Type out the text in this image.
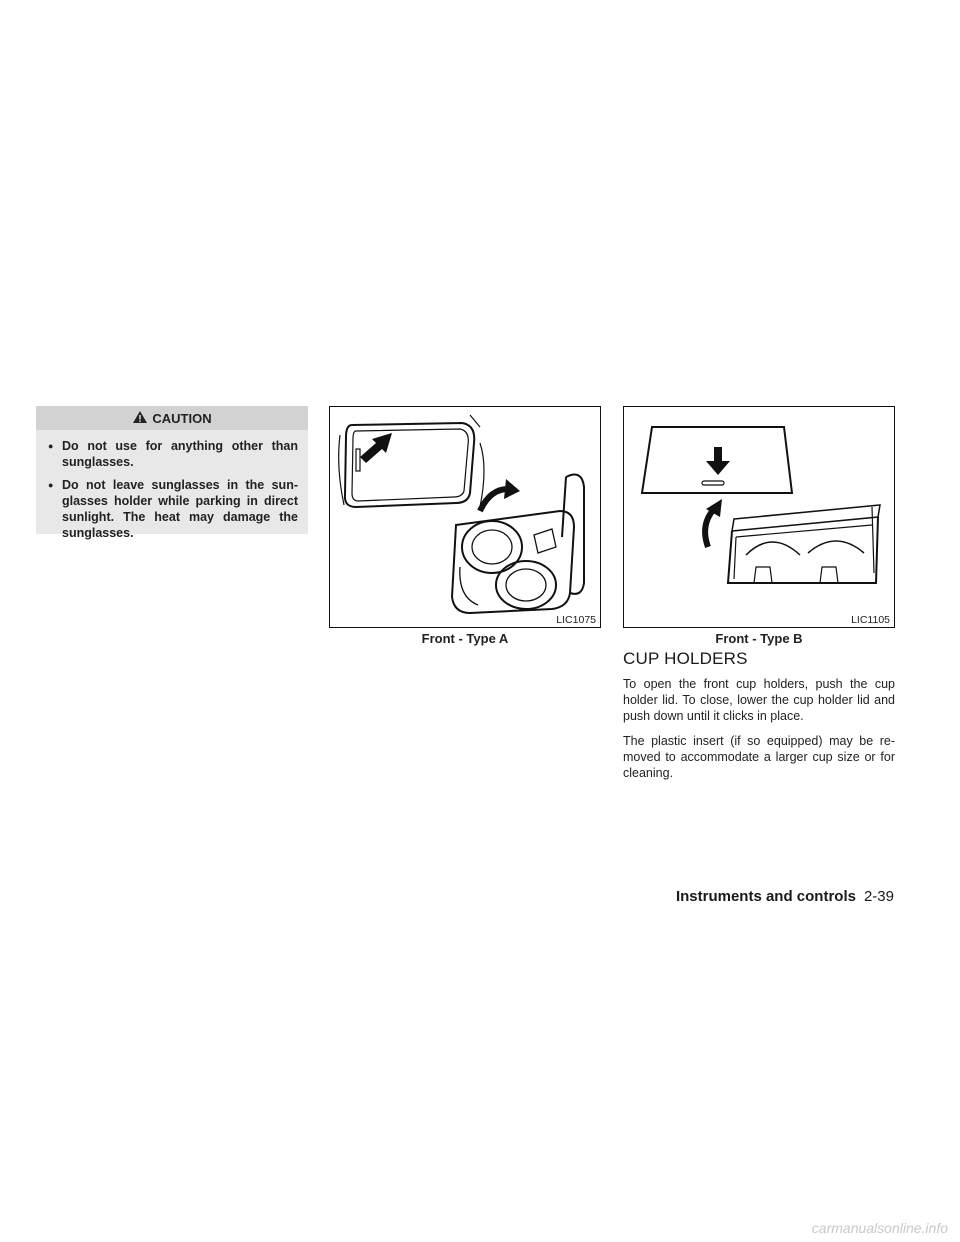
CAUTION
● Do not use for anything other than sunglasses.
● Do not leave sunglasses in the sun-glasses holder while parking in direct sunlight. The heat may damage the sunglasses.
LIC1075	LIC1105
Front - Type A	Front - Type B
CUP HOLDERS

To open the front cup holders, push the cup holder lid. To close, lower the cup holder lid and push down until it clicks in place.

The plastic insert (if so equipped) may be re-moved to accommodate a larger cup size or for cleaning.

Instruments and controls 2-39
carmanualsonline.info
